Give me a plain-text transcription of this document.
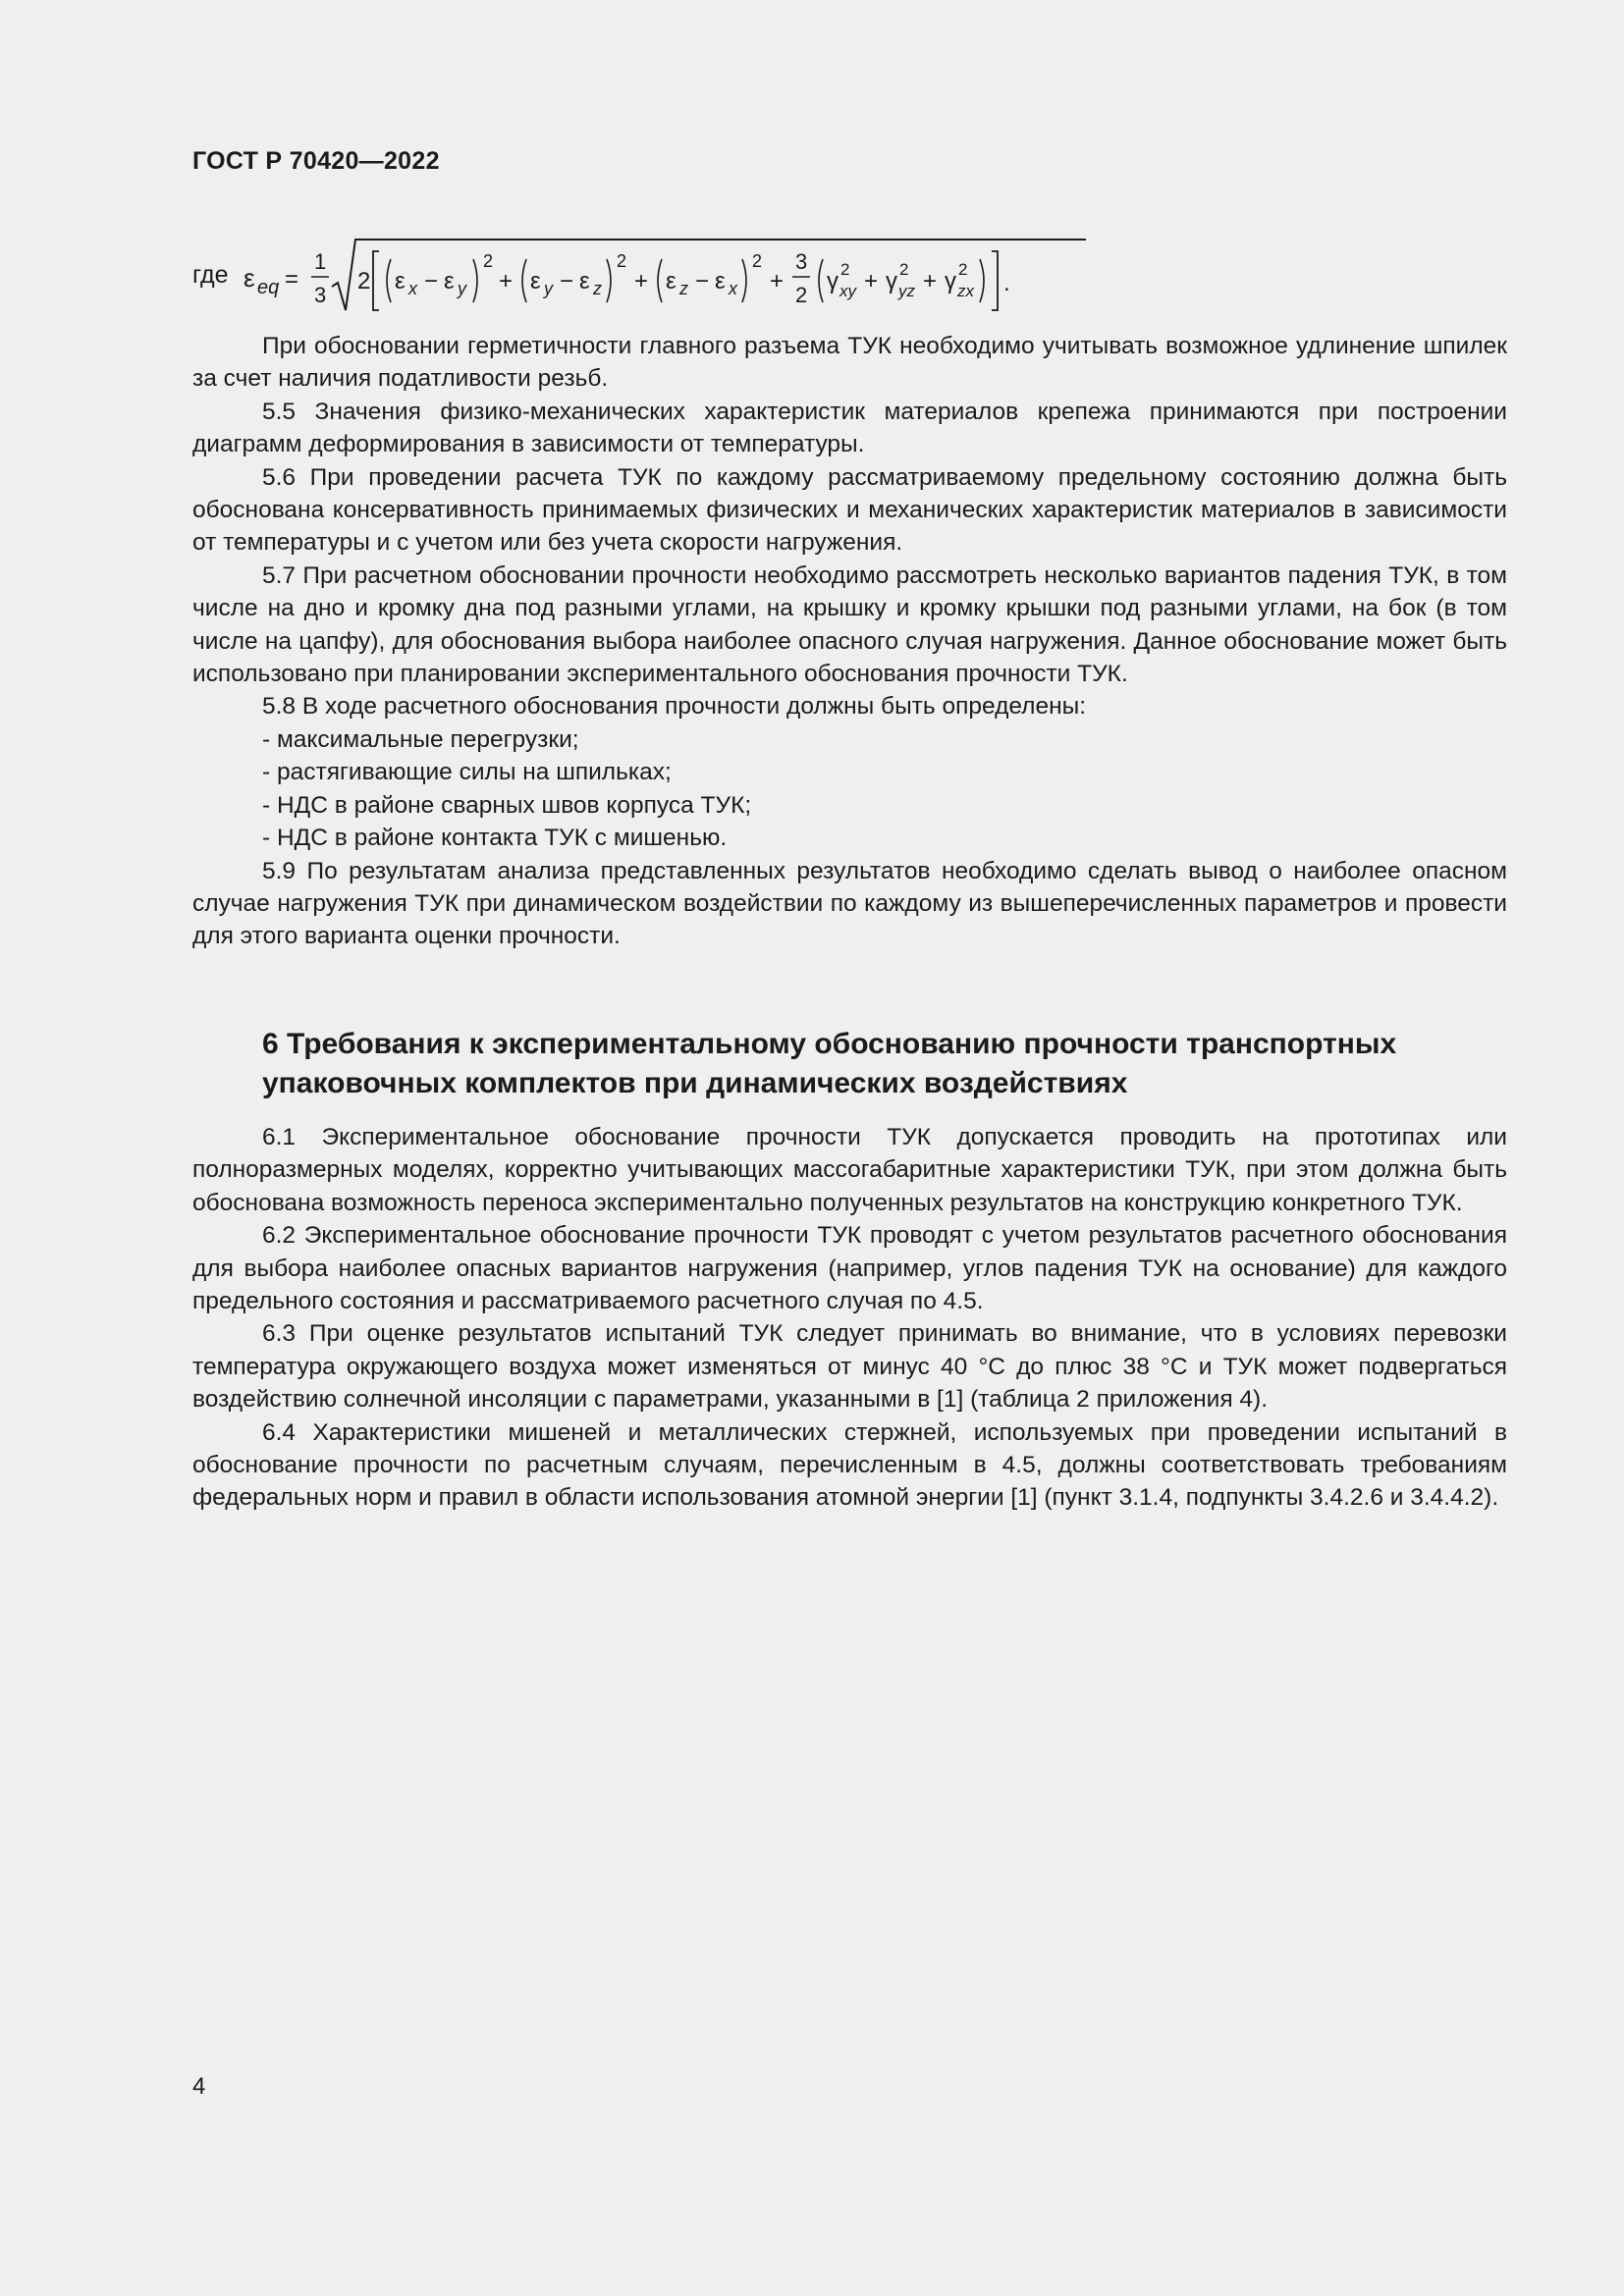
ГОСТ Р 70420—2022
где ε eq =
1
3
2 ε x − ε y
2
+ ε y − ε z
2
+ ε z − ε x
2
+
3
2
γ 2
xy + γ 2
yz + γ 2
zx .

При обосновании герметичности главного разъема ТУК необходимо учитывать возможное удлинение шпилек за счет наличия податливости резьб.

5.5 Значения физико-механических характеристик материалов крепежа принимаются при построении диаграмм деформирования в зависимости от температуры.

5.6 При проведении расчета ТУК по каждому рассматриваемому предельному состоянию должна быть обоснована консервативность принимаемых физических и механических характеристик материалов в зависимости от температуры и с учетом или без учета скорости нагружения.

5.7 При расчетном обосновании прочности необходимо рассмотреть несколько вариантов падения ТУК, в том числе на дно и кромку дна под разными углами, на крышку и кромку крышки под разными углами, на бок (в том числе на цапфу), для обоснования выбора наиболее опасного случая нагружения. Данное обоснование может быть использовано при планировании экспериментального обоснования прочности ТУК.

5.8 В ходе расчетного обоснования прочности должны быть определены:

- максимальные перегрузки;

- растягивающие силы на шпильках;

- НДС в районе сварных швов корпуса ТУК;

- НДС в районе контакта ТУК с мишенью.

5.9 По результатам анализа представленных результатов необходимо сделать вывод о наиболее опасном случае нагружения ТУК при динамическом воздействии по каждому из вышеперечисленных параметров и провести для этого варианта оценки прочности.

6 Требования к экспериментальному обоснованию прочности транспортных упаковочных комплектов при динамических воздействиях

6.1 Экспериментальное обоснование прочности ТУК допускается проводить на прототипах или полноразмерных моделях, корректно учитывающих массогабаритные характеристики ТУК, при этом должна быть обоснована возможность переноса экспериментально полученных результатов на конструкцию конкретного ТУК.

6.2 Экспериментальное обоснование прочности ТУК проводят с учетом результатов расчетного обоснования для выбора наиболее опасных вариантов нагружения (например, углов падения ТУК на основание) для каждого предельного состояния и рассматриваемого расчетного случая по 4.5.

6.3 При оценке результатов испытаний ТУК следует принимать во внимание, что в условиях перевозки температура окружающего воздуха может изменяться от минус 40 °С до плюс 38 °С и ТУК может подвергаться воздействию солнечной инсоляции с параметрами, указанными в [1] (таблица 2 приложения 4).

6.4 Характеристики мишеней и металлических стержней, используемых при проведении испытаний в обоснование прочности по расчетным случаям, перечисленным в 4.5, должны соответствовать требованиям федеральных норм и правил в области использования атомной энергии [1] (пункт 3.1.4, подпункты 3.4.2.6 и 3.4.4.2).

4
